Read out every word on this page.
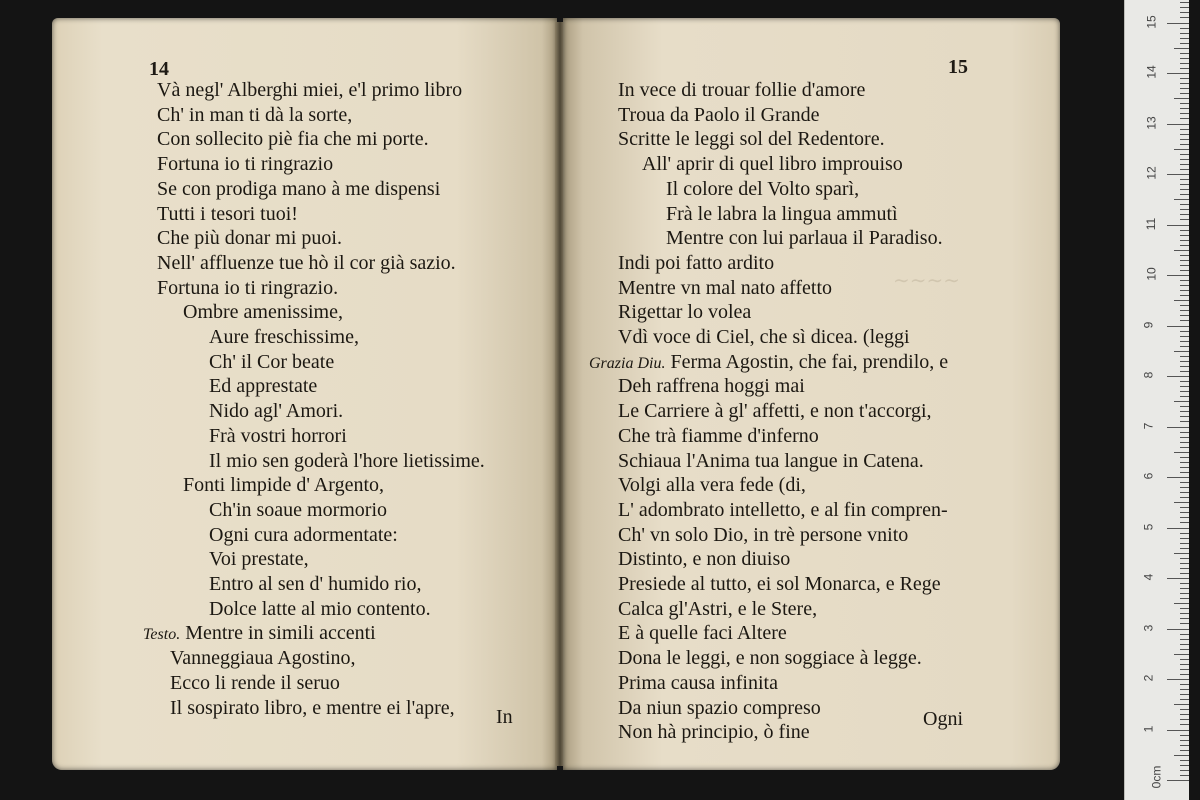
14
Và negl' Alberghi miei, e'l primo libro
Ch' in man ti dà la sorte,
Con sollecito piè fia che mi porte.
Fortuna io ti ringrazio
Se con prodiga mano à me dispensi
Tutti i tesori tuoi!
Che più donar mi puoi.
Nell' affluenze tue hò il cor già sazio.
Fortuna io ti ringrazio.
Ombre amenissime,
Aure freschissime,
Ch' il Cor beate
Ed apprestate
Nido agl' Amori.
Frà vostri horrori
Il mio sen goderà l'hore lietissime.
Fonti limpide d' Argento,
Ch'in soaue mormorio
Ogni cura adormentate:
Voi prestate,
Entro al sen d' humido rio,
Dolce latte al mio contento.
Testo. Mentre in simili accenti
Vanneggiaua Agostino,
Ecco li rende il seruo
Il sospirato libro, e mentre ei l'apre, In
∼∼∼∼
15
In vece di trouar follie d'amore
Troua da Paolo il Grande
Scritte le leggi sol del Redentore.
All' aprir di quel libro improuiso
Il colore del Volto sparì,
Frà le labra la lingua ammutì
Mentre con lui parlaua il Paradiso.
Indi poi fatto ardito
Mentre vn mal nato affetto
Rigettar lo volea
Vdì voce di Ciel, che sì dicea. (leggi
Grazia Diu. Ferma Agostin, che fai, prendilo, e
Deh raffrena hoggi mai
Le Carriere à gl' affetti, e non t'accorgi,
Che trà fiamme d'inferno
Schiaua l'Anima tua langue in Catena.
Volgi alla vera fede (di,
L' adombrato intelletto, e al fin compren-
Ch' vn solo Dio, in trè persone vnito
Distinto, e non diuiso
Presiede al tutto, ei sol Monarca, e Rege
Calca gl'Astri, e le Stere,
E à quelle faci Altere
Dona le leggi, e non soggiace à legge.
Prima causa infinita
Da niun spazio compreso
Non hà principio, ò fine
Ogni
0cm
1
2
3
4
5
6
7
8
9
10
11
12
13
14
15
